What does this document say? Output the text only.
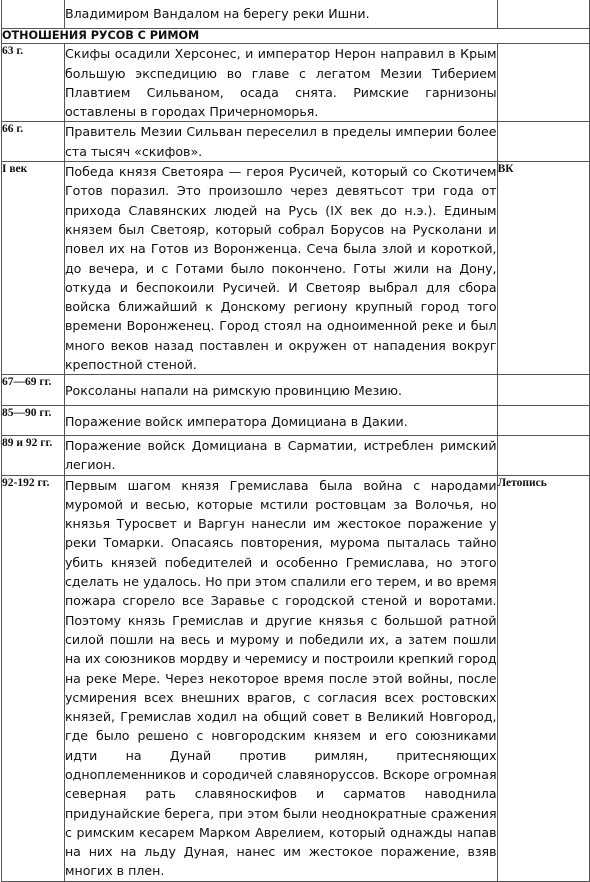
	Владимиром Вандалом на берегу реки Ишни.	
ОТНОШЕНИЯ РУСОВ С РИМОМ		
63 г.	Скифы осадили Херсонес, и император Нерон направил в Крым большую экспедицию во главе с легатом Мезии Тиберием Плавтием Сильваном, осада снята. Римские гарнизоны оставлены в городах Причерноморья.	
66 г.	Правитель Мезии Сильван переселил в пределы империи более ста тысяч «скифов».	
I век	Победа князя Светояра — героя Русичей, который со Скотичем Готов поразил. Это произошло через девятьсот три года от прихода Славянских людей на Русь (IX век до н.э.). Единым князем был Светояр, который собрал Борусов на Русколани и повел их на Готов из Воронженца. Сеча была злой и короткой, до вечера, и с Готами было покончено. Готы жили на Дону, откуда и беспокоили Русичей. И Светояр выбрал для сбора войска ближайший к Донскому региону крупный город того времени Воронженец. Город стоял на одноименной реке и был много веков назад поставлен и окружен от нападения вокруг крепостной стеной.	ВК
67—69 гг.	Роксоланы напали на римскую провинцию Мезию.	
85—90 гг.	Поражение войск императора Домициана в Дакии.	
89 и 92 гг.	Поражение войск Домициана в Сарматии, истреблен римский легион.	
92-192 гг.	Первым шагом князя Гремислава была война с народами муромой и весью, которые мстили ростовцам за Волочья, но князья Туросвет и Варгун нанесли им жестокое поражение у реки Томарки. Опасаясь повторения, мурома пыталась тайно убить князей победителей и особенно Гремислава, но этого сделать не удалось. Но при этом спалили его терем, и во время пожара сгорело все Заравье с городской стеной и воротами. Поэтому князь Гремислав и другие князья с большой ратной силой пошли на весь и мурому и победили их, а затем пошли на их союзников мордву и черемису и построили крепкий город на реке Мере. Через некоторое время после этой войны, после усмирения всех внешних врагов, с согласия всех ростовских князей, Гремислав ходил на общий совет в Великий Новгород, где было решено с новгородским князем и его союзниками идти на Дунай против римлян, притесняющих одноплеменников и сородичей славяноруссов. Вскоре огромная северная рать славяноскифов и сарматов наводнила придунайские берега, при этом были неоднократные сражения с римским кесарем Марком Аврелием, который однажды напав на них на льду Дуная, нанес им жестокое поражение, взяв многих в плен.	Летопись
